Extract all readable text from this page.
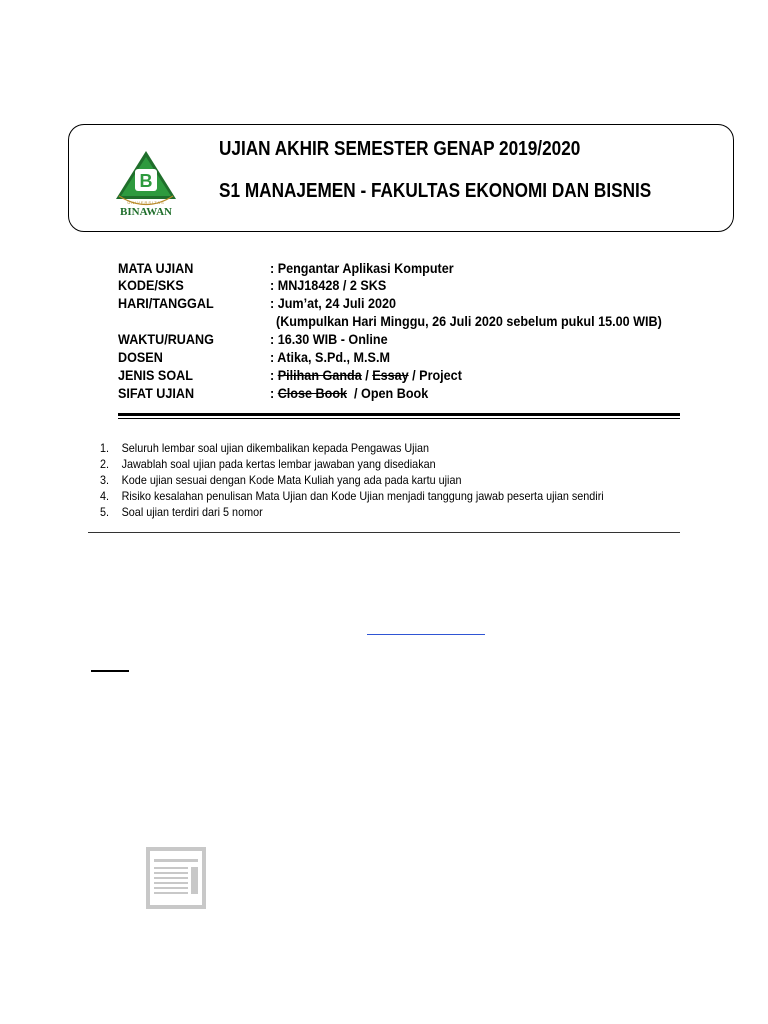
B
UNIVERSITAS
BINAWAN
UJIAN AKHIR SEMESTER GENAP 2019/2020
S1 MANAJEMEN - FAKULTAS EKONOMI DAN BISNIS
MATA UJIAN	: Pengantar Aplikasi Komputer
KODE/SKS	: MNJ18428 / 2 SKS
HARI/TANGGAL	: Jum’at, 24 Juli 2020
(Kumpulkan Hari Minggu, 26 Juli 2020 sebelum pukul 15.00 WIB)
WAKTU/RUANG	: 16.30 WIB - Online
DOSEN	: Atika, S.Pd., M.S.M
JENIS SOAL	: Pilihan Ganda / Essay / Project
SIFAT UJIAN	: Close Book  / Open Book
1. Seluruh lembar soal ujian dikembalikan kepada Pengawas Ujian
2. Jawablah soal ujian pada kertas lembar jawaban yang disediakan
3. Kode ujian sesuai dengan Kode Mata Kuliah yang ada pada kartu ujian
4. Risiko kesalahan penulisan Mata Ujian dan Kode Ujian menjadi tanggung jawab peserta ujian sendiri
5. Soal ujian terdiri dari 5 nomor
